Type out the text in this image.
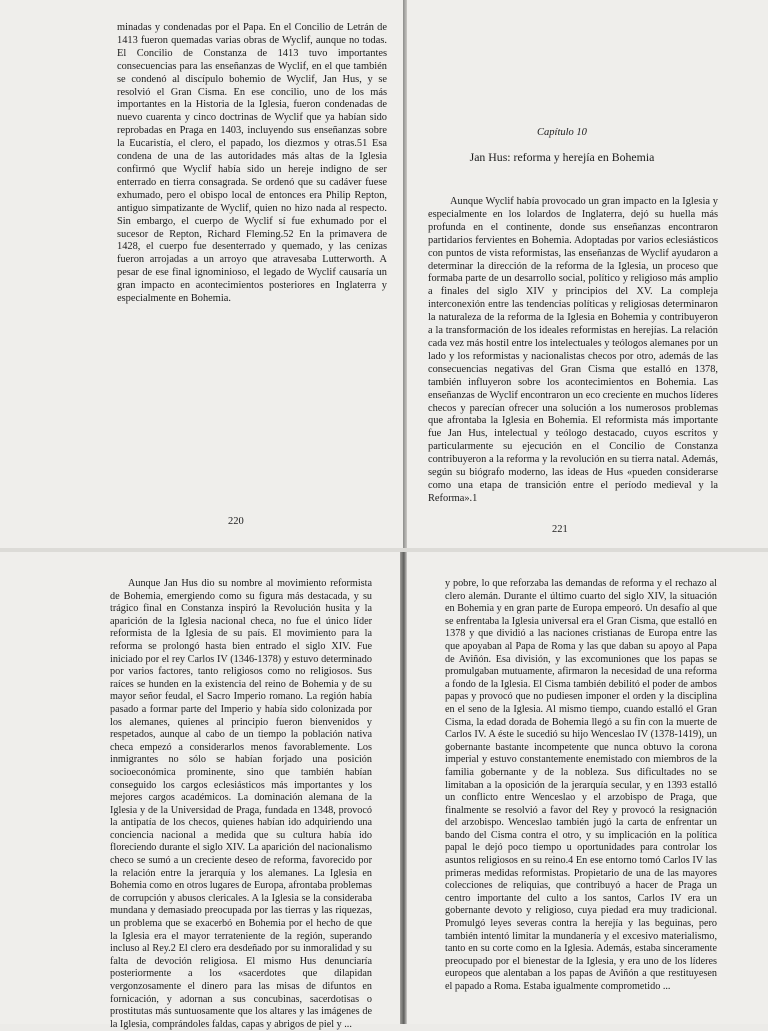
minadas y condenadas por el Papa. En el Concilio de Letrán de 1413 fueron quemadas varias obras de Wyclif, aunque no todas. El Concilio de Constanza de 1413 tuvo importantes consecuencias para las enseñanzas de Wyclif, en el que también se condenó al discípulo bohemio de Wyclif, Jan Hus, y se resolvió el Gran Cisma. En ese concilio, uno de los más importantes en la Historia de la Iglesia, fueron condenadas de nuevo cuarenta y cinco doctrinas de Wyclif que ya habían sido reprobadas en Praga en 1403, incluyendo sus enseñanzas sobre la Eucaristía, el clero, el papado, los diezmos y otras.51 Esa condena de una de las autoridades más altas de la Iglesia confirmó que Wyclif había sido un hereje indigno de ser enterrado en tierra consagrada. Se ordenó que su cadáver fuese exhumado, pero el obispo local de entonces era Philip Repton, antiguo simpatizante de Wyclif, quien no hizo nada al respecto. Sin embargo, el cuerpo de Wyclif sí fue exhumado por el sucesor de Repton, Richard Fleming.52 En la primavera de 1428, el cuerpo fue desenterrado y quemado, y las cenizas fueron arrojadas a un arroyo que atravesaba Lutterworth. A pesar de ese final ignominioso, el legado de Wyclif causaría un gran impacto en acontecimientos posteriores en Inglaterra y especialmente en Bohemia.

220
Capítulo 10
Jan Hus: reforma y herejía en Bohemia

Aunque Wyclif había provocado un gran impacto en la Iglesia y especialmente en los lolardos de Inglaterra, dejó su huella más profunda en el continente, donde sus enseñanzas encontraron partidarios fervientes en Bohemia. Adoptadas por varios eclesiásticos con puntos de vista reformistas, las enseñanzas de Wyclif ayudaron a determinar la dirección de la reforma de la Iglesia, un proceso que formaba parte de un desarrollo social, político y religioso más amplio a finales del siglo XIV y principios del XV. La compleja interconexión entre las tendencias políticas y religiosas determinaron la naturaleza de la reforma de la Iglesia en Bohemia y contribuyeron a la transformación de los ideales reformistas en herejías. La relación cada vez más hostil entre los intelectuales y teólogos alemanes por un lado y los reformistas y nacionalistas checos por otro, además de las consecuencias negativas del Gran Cisma que estalló en 1378, también influyeron sobre los acontecimientos en Bohemia. Las enseñanzas de Wyclif encontraron un eco creciente en muchos líderes checos y parecían ofrecer una solución a los numerosos problemas que afrontaba la Iglesia en Bohemia. El reformista más importante fue Jan Hus, intelectual y teólogo destacado, cuyos escritos y particularmente su ejecución en el Concilio de Constanza contribuyeron a la reforma y la revolución en su tierra natal. Además, según su biógrafo moderno, las ideas de Hus «pueden considerarse como una etapa de transición entre el período medieval y la Reforma».1

221

Aunque Jan Hus dio su nombre al movimiento reformista de Bohemia, emergiendo como su figura más destacada, y su trágico final en Constanza inspiró la Revolución husita y la aparición de la Iglesia nacional checa, no fue el único líder reformista de la Iglesia de su país. El movimiento para la reforma se prolongó hasta bien entrado el siglo XIV. Fue iniciado por el rey Carlos IV (1346-1378) y estuvo determinado por varios factores, tanto religiosos como no religiosos. Sus raíces se hunden en la existencia del reino de Bohemia y de su mayor señor feudal, el Sacro Imperio romano. La región había pasado a formar parte del Imperio y había sido colonizada por los alemanes, quienes al principio fueron bienvenidos y respetados, aunque al cabo de un tiempo la población nativa checa empezó a considerarlos menos favorablemente. Los inmigrantes no sólo se habían forjado una posición socioeconómica prominente, sino que también habían conseguido los cargos eclesiásticos más importantes y los mejores cargos académicos. La dominación alemana de la Iglesia y de la Universidad de Praga, fundada en 1348, provocó la antipatía de los checos, quienes habían ido adquiriendo una conciencia nacional a medida que su cultura había ido floreciendo durante el siglo XIV. La aparición del nacionalismo checo se sumó a un creciente deseo de reforma, favorecido por la relación entre la jerarquía y los alemanes. La Iglesia en Bohemia como en otros lugares de Europa, afrontaba problemas de corrupción y abusos clericales. A la Iglesia se la consideraba mundana y demasiado preocupada por las tierras y las riquezas, un problema que se exacerbó en Bohemia por el hecho de que la Iglesia era el mayor terrateniente de la región, superando incluso al Rey.2 El clero era desdeñado por su inmoralidad y su falta de devoción religiosa. El mismo Hus denunciaría posteriormente a los «sacerdotes que dilapidan vergonzosamente el dinero para las misas de difuntos en fornicación, y adornan a sus concubinas, sacerdotisas o prostitutas más suntuosamente que los altares y las imágenes de la Iglesia, comprándoles faldas, capas y abrigos de piel y ...

y pobre, lo que reforzaba las demandas de reforma y el rechazo al clero alemán. Durante el último cuarto del siglo XIV, la situación en Bohemia y en gran parte de Europa empeoró. Un desafío al que se enfrentaba la Iglesia universal era el Gran Cisma, que estalló en 1378 y que dividió a las naciones cristianas de Europa entre las que apoyaban al Papa de Roma y las que daban su apoyo al Papa de Aviñón. Esa división, y las excomuniones que los papas se promulgaban mutuamente, afirmaron la necesidad de una reforma a fondo de la Iglesia. El Cisma también debilitó el poder de ambos papas y provocó que no pudiesen imponer el orden y la disciplina en el seno de la Iglesia. Al mismo tiempo, cuando estalló el Gran Cisma, la edad dorada de Bohemia llegó a su fin con la muerte de Carlos IV. A éste le sucedió su hijo Wenceslao IV (1378-1419), un gobernante bastante incompetente que nunca obtuvo la corona imperial y estuvo constantemente enemistado con miembros de la familia gobernante y de la nobleza. Sus dificultades no se limitaban a la oposición de la jerarquía secular, y en 1393 estalló un conflicto entre Wenceslao y el arzobispo de Praga, que finalmente se resolvió a favor del Rey y provocó la resignación del arzobispo. Wenceslao también jugó la carta de enfrentar un bando del Cisma contra el otro, y su implicación en la política papal le dejó poco tiempo u oportunidades para controlar los asuntos religiosos en su reino.4 En ese entorno tomó Carlos IV las primeras medidas reformistas. Propietario de una de las mayores colecciones de reliquias, que contribuyó a hacer de Praga un centro importante del culto a los santos, Carlos IV era un gobernante devoto y religioso, cuya piedad era muy tradicional. Promulgó leyes severas contra la herejía y las beguinas, pero también intentó limitar la mundanería y el excesivo materialismo, tanto en su corte como en la Iglesia. Además, estaba sinceramente preocupado por el bienestar de la Iglesia, y era uno de los líderes europeos que alentaban a los papas de Aviñón a que restituyesen el papado a Roma. Estaba igualmente comprometido ...
